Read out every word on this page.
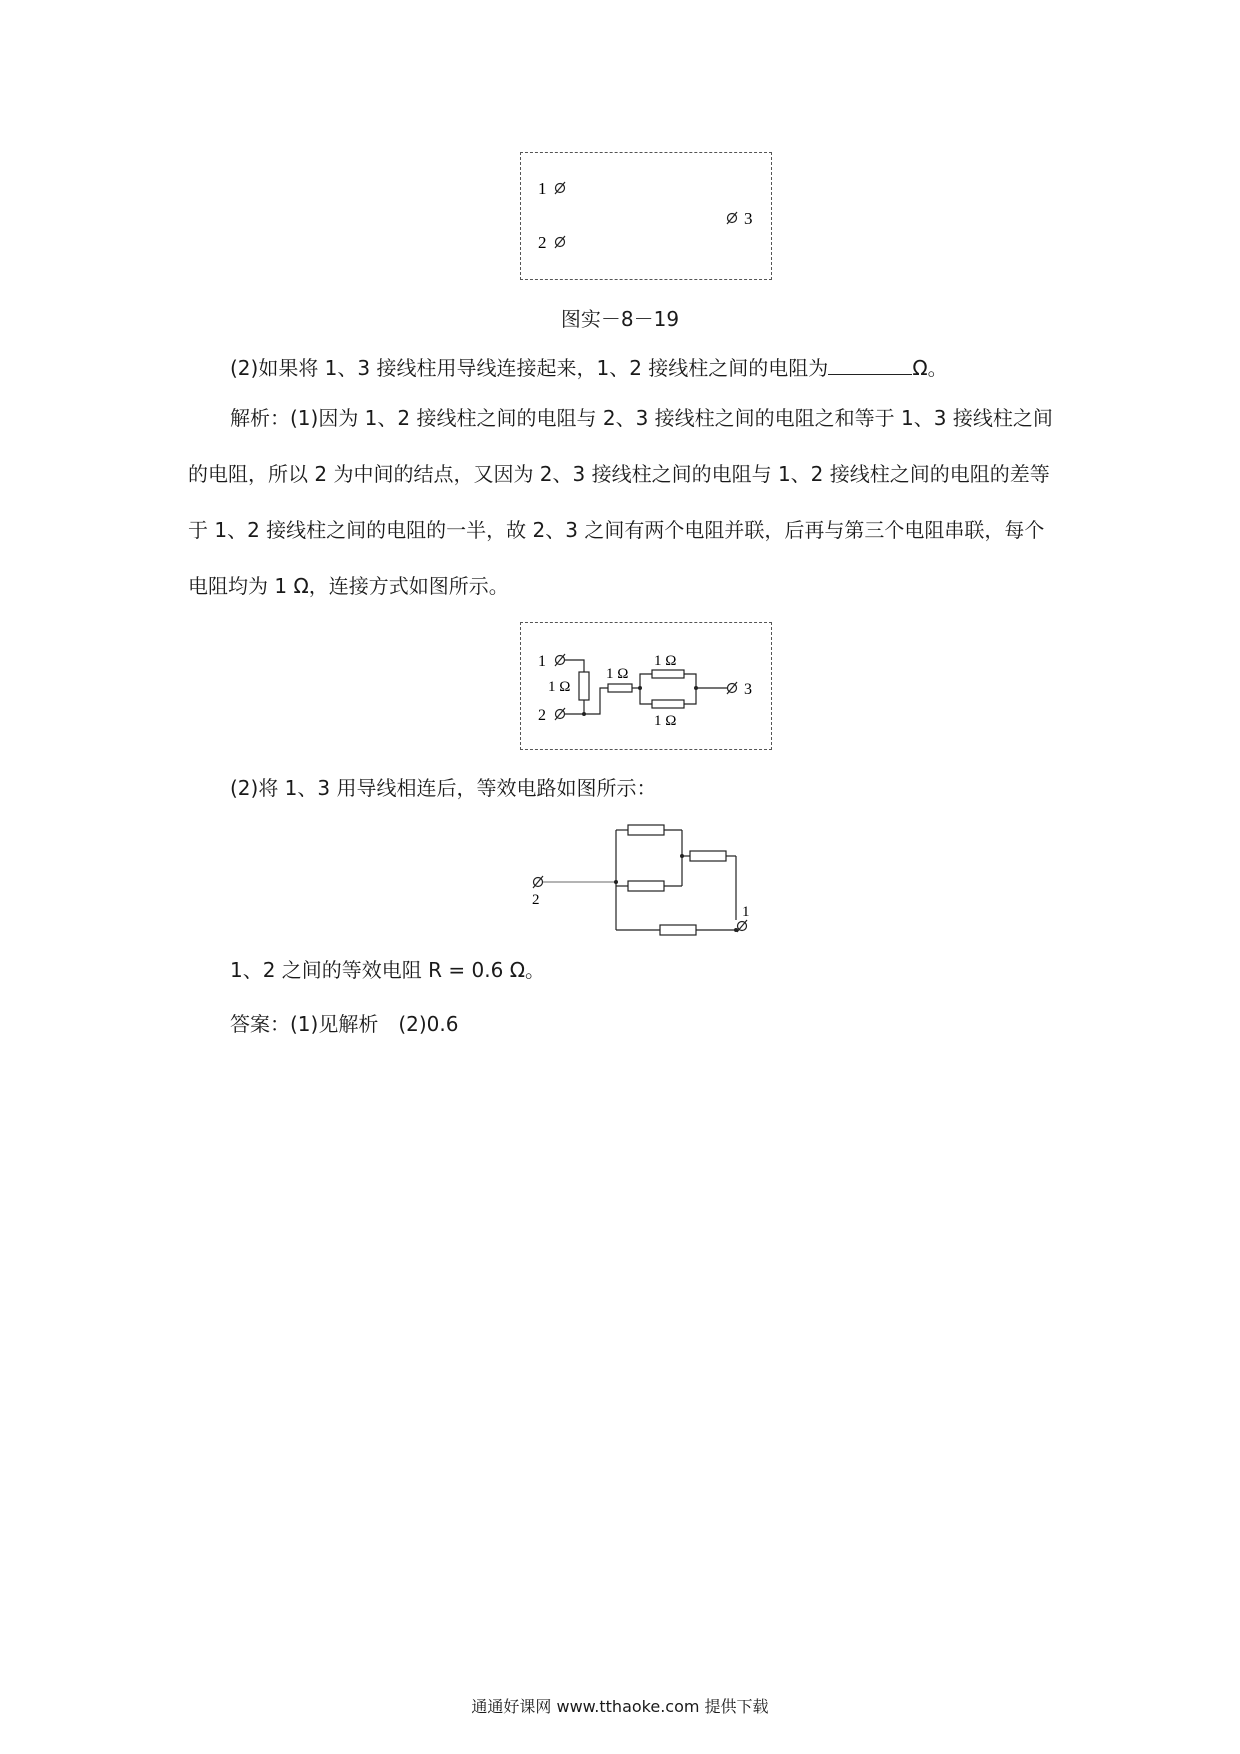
1
2
3
图实－8－19
(2)如果将 1、3 接线柱用导线连接起来，1、2 接线柱之间的电阻为	Ω。
解析：(1)因为 1、2 接线柱之间的电阻与 2、3 接线柱之间的电阻之和等于 1、3 接线柱之间的电阻，所以 2 为中间的结点，又因为 2、3 接线柱之间的电阻与 1、2 接线柱之间的电阻的差等于 1、2 接线柱之间的电阻的一半，故 2、3 之间有两个电阻并联，后再与第三个电阻串联，每个电阻均为 1 Ω，连接方式如图所示。
1
2
3
1 Ω
1 Ω
1 Ω
1 Ω
(2)将 1、3 用导线相连后，等效电路如图所示：
2
1
1、2 之间的等效电阻 R = 0.6 Ω。
答案：(1)见解析　(2)0.6
通通好课网 www.tthaoke.com 提供下载
